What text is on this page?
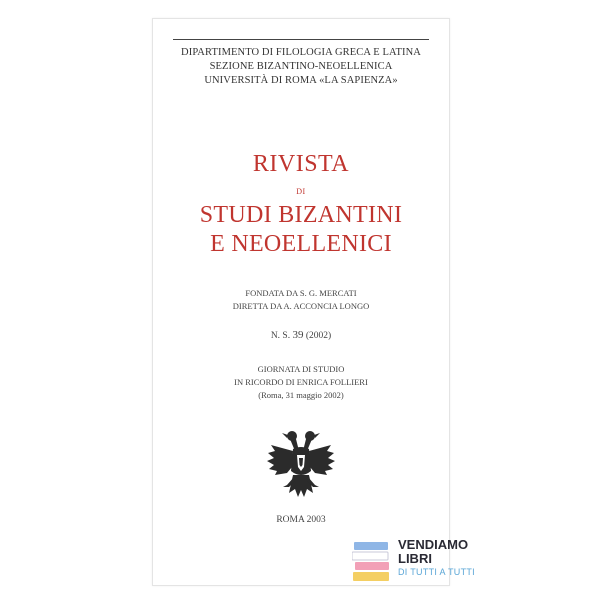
DIPARTIMENTO DI FILOLOGIA GRECA E LATINA
SEZIONE BIZANTINO-NEOELLENICA
UNIVERSITÀ DI ROMA «LA SAPIENZA»
RIVISTA
DI
STUDI BIZANTINI
E NEOELLENICI
FONDATA DA S. G. MERCATI
DIRETTA DA A. ACCONCIA LONGO
N. S. 39 (2002)
GIORNATA DI STUDIO
IN RICORDO DI ENRICA FOLLIERI
(Roma, 31 maggio 2002)
ROMA 2003
VENDIAMO
LIBRI
DI TUTTI A TUTTI
